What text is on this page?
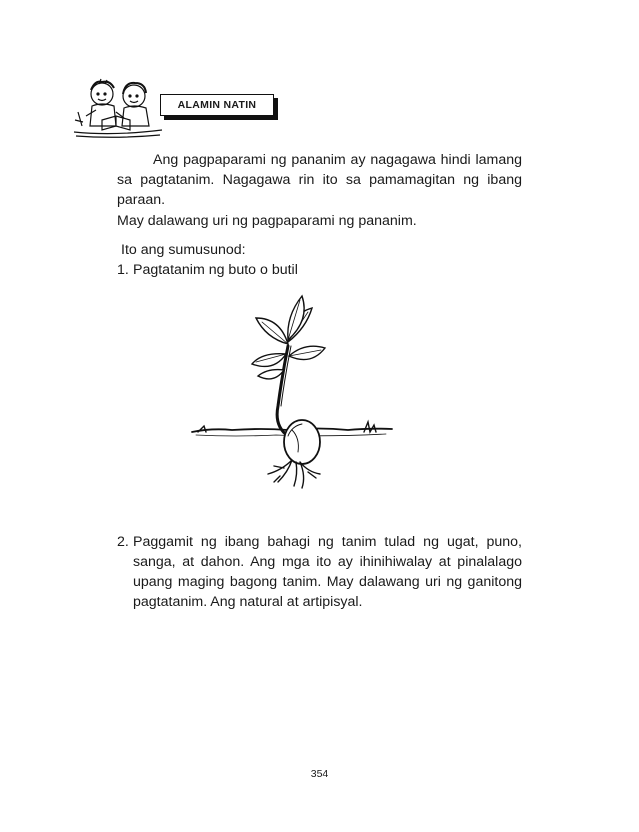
ALAMIN NATIN
Ang pagpaparami ng pananim ay nagagawa hindi lamang sa pagtatanim. Nagagawa rin ito sa pamamagitan ng ibang paraan.
May dalawang uri ng pagpaparami ng pananim.
Ito ang sumusunod:
1. Pagtatanim ng buto o butil
2. Paggamit ng ibang bahagi ng tanim tulad ng ugat, puno, sanga, at dahon. Ang mga ito ay ihinihiwalay at pinalalago upang maging bagong tanim. May dalawang uri ng ganitong pagtatanim. Ang natural at artipisyal.
354
